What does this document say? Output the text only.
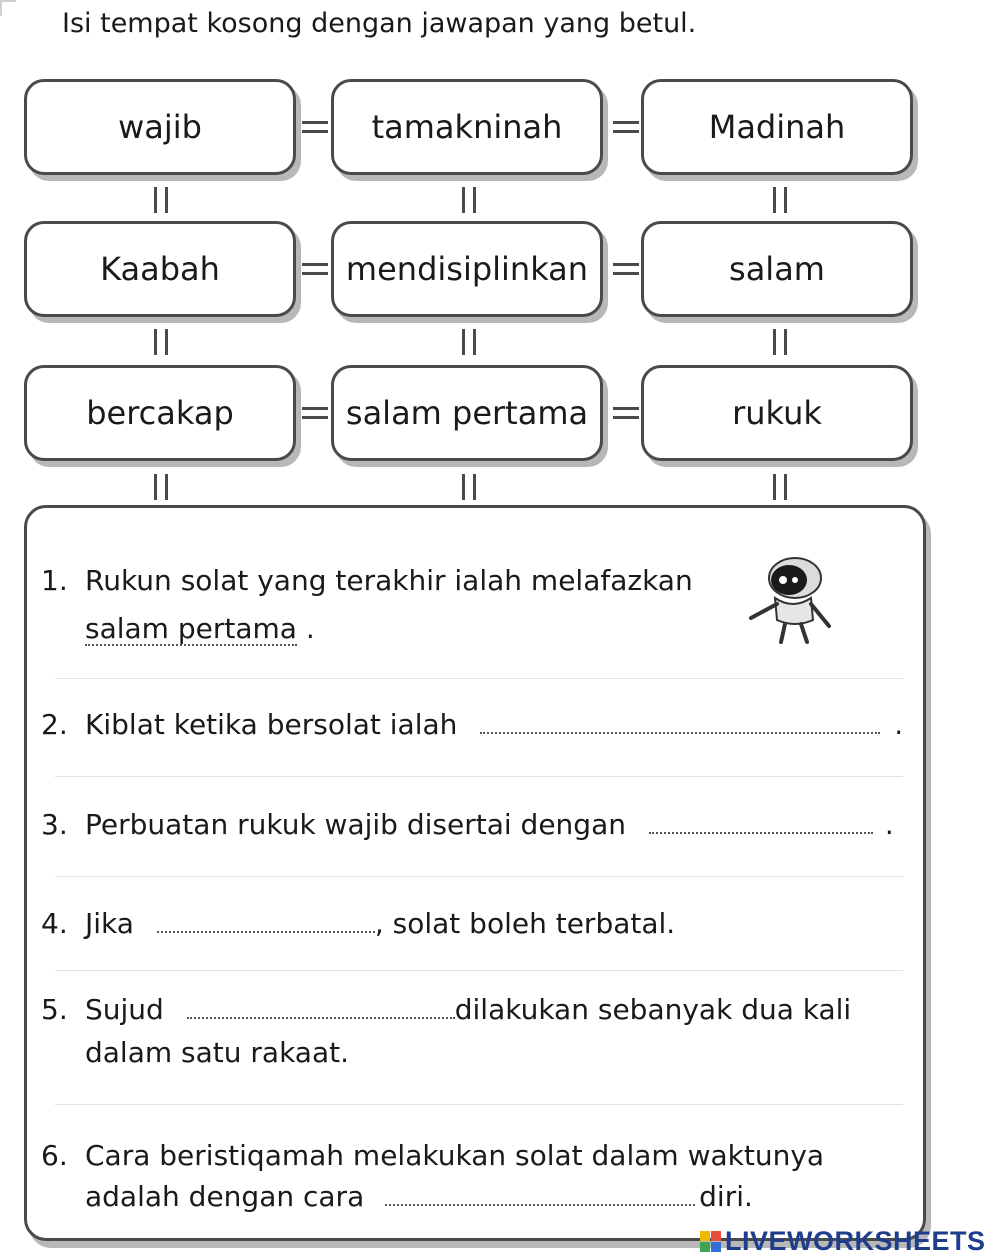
Isi tempat kosong dengan jawapan yang betul.
wajib	tamakninah	Madinah
Kaabah	mendisiplinkan	salam
bercakap	salam pertama	rukuk
1. Rukun solat yang terakhir ialah melafazkan
salam pertama .
2. Kiblat ketika bersolat ialah	.
3. Perbuatan rukuk wajib disertai dengan	.
4. Jika	, solat boleh terbatal.
5. Sujud	dilakukan sebanyak dua kali
dalam satu rakaat.
6. Cara beristiqamah melakukan solat dalam waktunya
adalah dengan cara	diri.
LIVEWORKSHEETS
